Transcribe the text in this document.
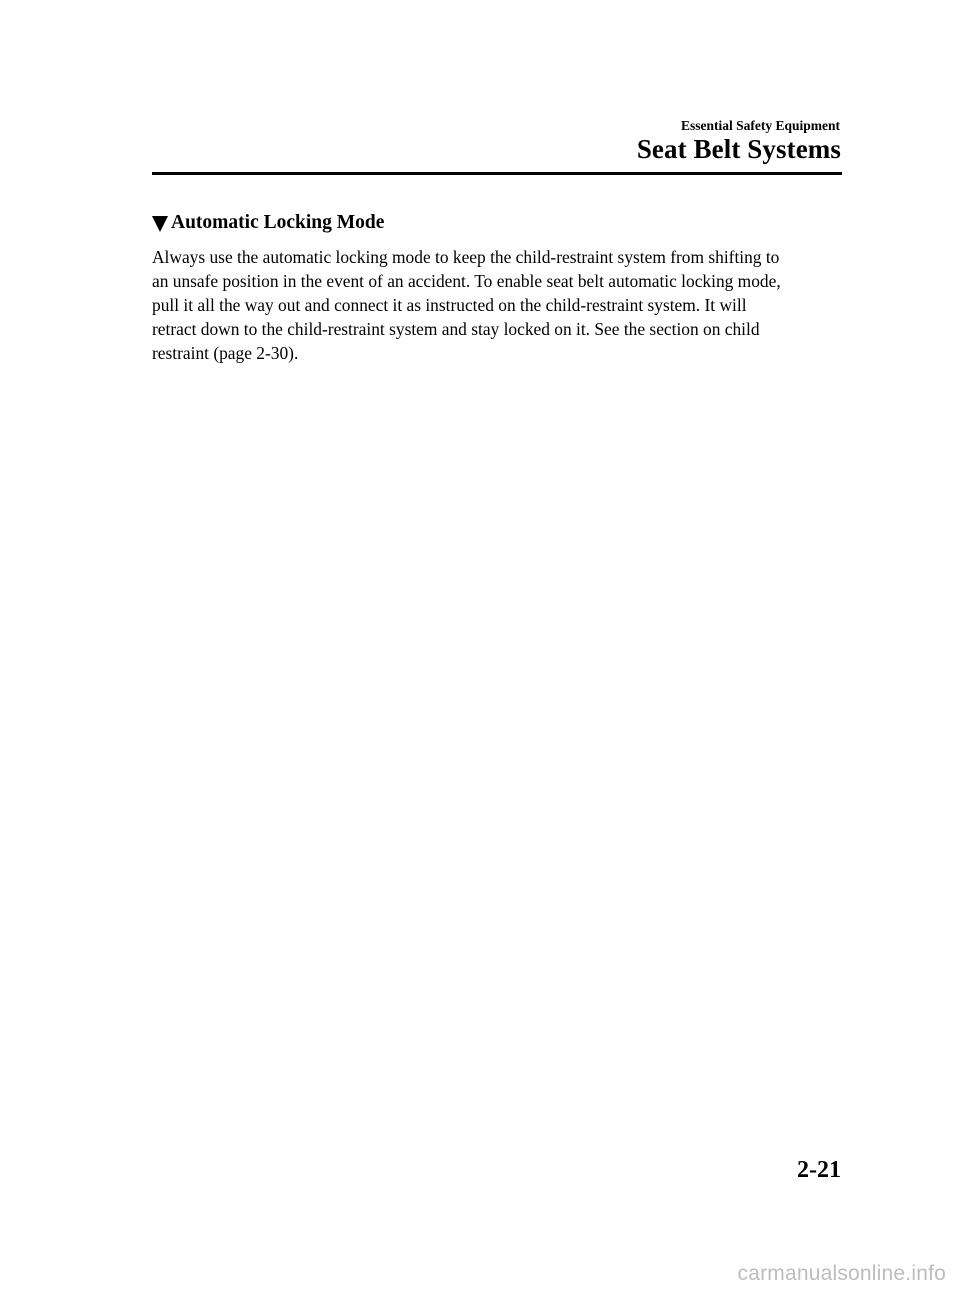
Essential Safety Equipment
Seat Belt Systems
Automatic Locking Mode
Always use the automatic locking mode to keep the child-restraint system from shifting to
an unsafe position in the event of an accident. To enable seat belt automatic locking mode,
pull it all the way out and connect it as instructed on the child-restraint system. It will
retract down to the child-restraint system and stay locked on it. See the section on child
restraint (page 2-30).
2-21
carmanualsonline.info
